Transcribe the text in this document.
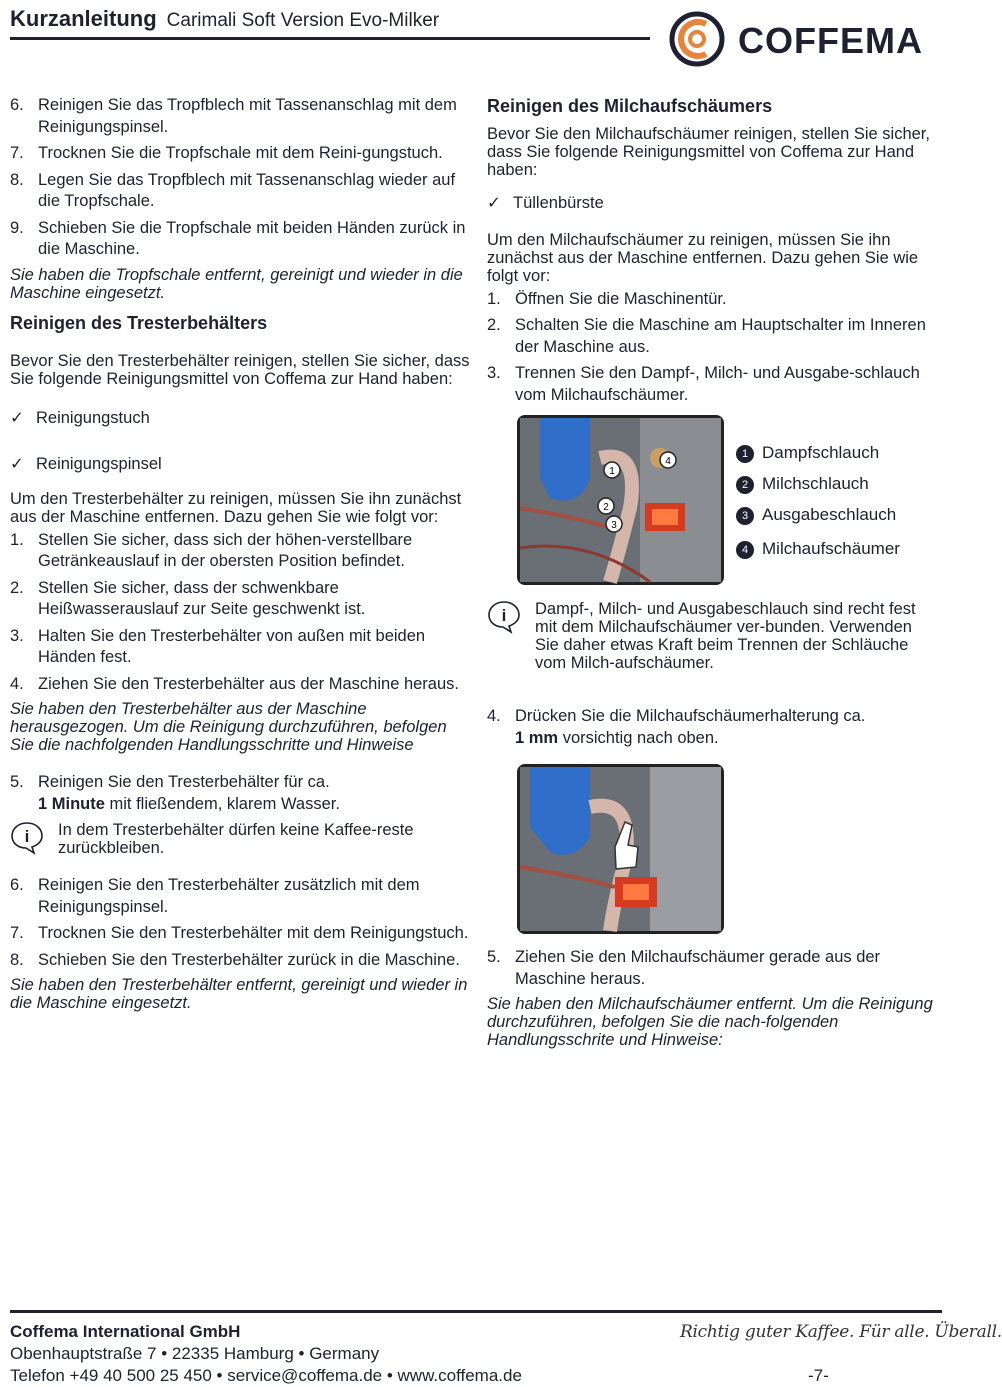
Kurzanleitung Carimali Soft Version Evo-Milker	COFFEMA
6. Reinigen Sie das Tropfblech mit Tassenanschlag mit dem Reinigungspinsel.
7. Trocknen Sie die Tropfschale mit dem Reini-gungstuch.
8. Legen Sie das Tropfblech mit Tassenanschlag wieder auf die Tropfschale.
9. Schieben Sie die Tropfschale mit beiden Händen zurück in die Maschine.

Sie haben die Tropfschale entfernt, gereinigt und wieder in die Maschine eingesetzt.

Reinigen des Tresterbehälters

Bevor Sie den Tresterbehälter reinigen, stellen Sie sicher, dass Sie folgende Reinigungsmittel von Coffema zur Hand haben:

✓ Reinigungstuch
✓ Reinigungspinsel

Um den Tresterbehälter zu reinigen, müssen Sie ihn zunächst aus der Maschine entfernen. Dazu gehen Sie wie folgt vor:

1. Stellen Sie sicher, dass sich der höhen-verstellbare Getränkeauslauf in der obersten Position befindet.
2. Stellen Sie sicher, dass der schwenkbare Heißwasserauslauf zur Seite geschwenkt ist.
3. Halten Sie den Tresterbehälter von außen mit beiden Händen fest.
4. Ziehen Sie den Tresterbehälter aus der Maschine heraus.

Sie haben den Tresterbehälter aus der Maschine herausgezogen. Um die Reinigung durchzuführen, befolgen Sie die nachfolgenden Handlungsschritte und Hinweise

5. Reinigen Sie den Tresterbehälter für ca.
1 Minute mit fließendem, klarem Wasser.
i In dem Tresterbehälter dürfen keine Kaffee-reste zurückbleiben.
6. Reinigen Sie den Tresterbehälter zusätzlich mit dem Reinigungspinsel.
7. Trocknen Sie den Tresterbehälter mit dem Reinigungstuch.
8. Schieben Sie den Tresterbehälter zurück in die Maschine.

Sie haben den Tresterbehälter entfernt, gereinigt und wieder in die Maschine eingesetzt.

Reinigen des Milchaufschäumers

Bevor Sie den Milchaufschäumer reinigen, stellen Sie sicher, dass Sie folgende Reinigungsmittel von Coffema zur Hand haben:

✓ Tüllenbürste

Um den Milchaufschäumer zu reinigen, müssen Sie ihn zunächst aus der Maschine entfernen. Dazu gehen Sie wie folgt vor:

1. Öffnen Sie die Maschinentür.
2. Schalten Sie die Maschine am Hauptschalter im Inneren der Maschine aus.
3. Trennen Sie den Dampf-, Milch- und Ausgabe-schlauch vom Milchaufschäumer.
1
2
3
4
1 Dampfschlauch
2 Milchschlauch
3 Ausgabeschlauch
4 Milchaufschäumer
i Dampf-, Milch- und Ausgabeschlauch sind recht fest mit dem Milchaufschäumer ver-bunden. Verwenden Sie daher etwas Kraft beim Trennen der Schläuche vom Milch-aufschäumer.
4. Drücken Sie die Milchaufschäumerhalterung ca.
1 mm vorsichtig nach oben.
5. Ziehen Sie den Milchaufschäumer gerade aus der Maschine heraus.

Sie haben den Milchaufschäumer entfernt. Um die Reinigung durchzuführen, befolgen Sie die nach-folgenden Handlungsschrite und Hinweise:

Coffema International GmbH
Obenhauptstraße 7 • 22335 Hamburg • Germany
Telefon +49 40 500 25 450 • service@coffema.de • www.coffema.de
Richtig guter Kaffee. Für alle. Überall.
-7-
